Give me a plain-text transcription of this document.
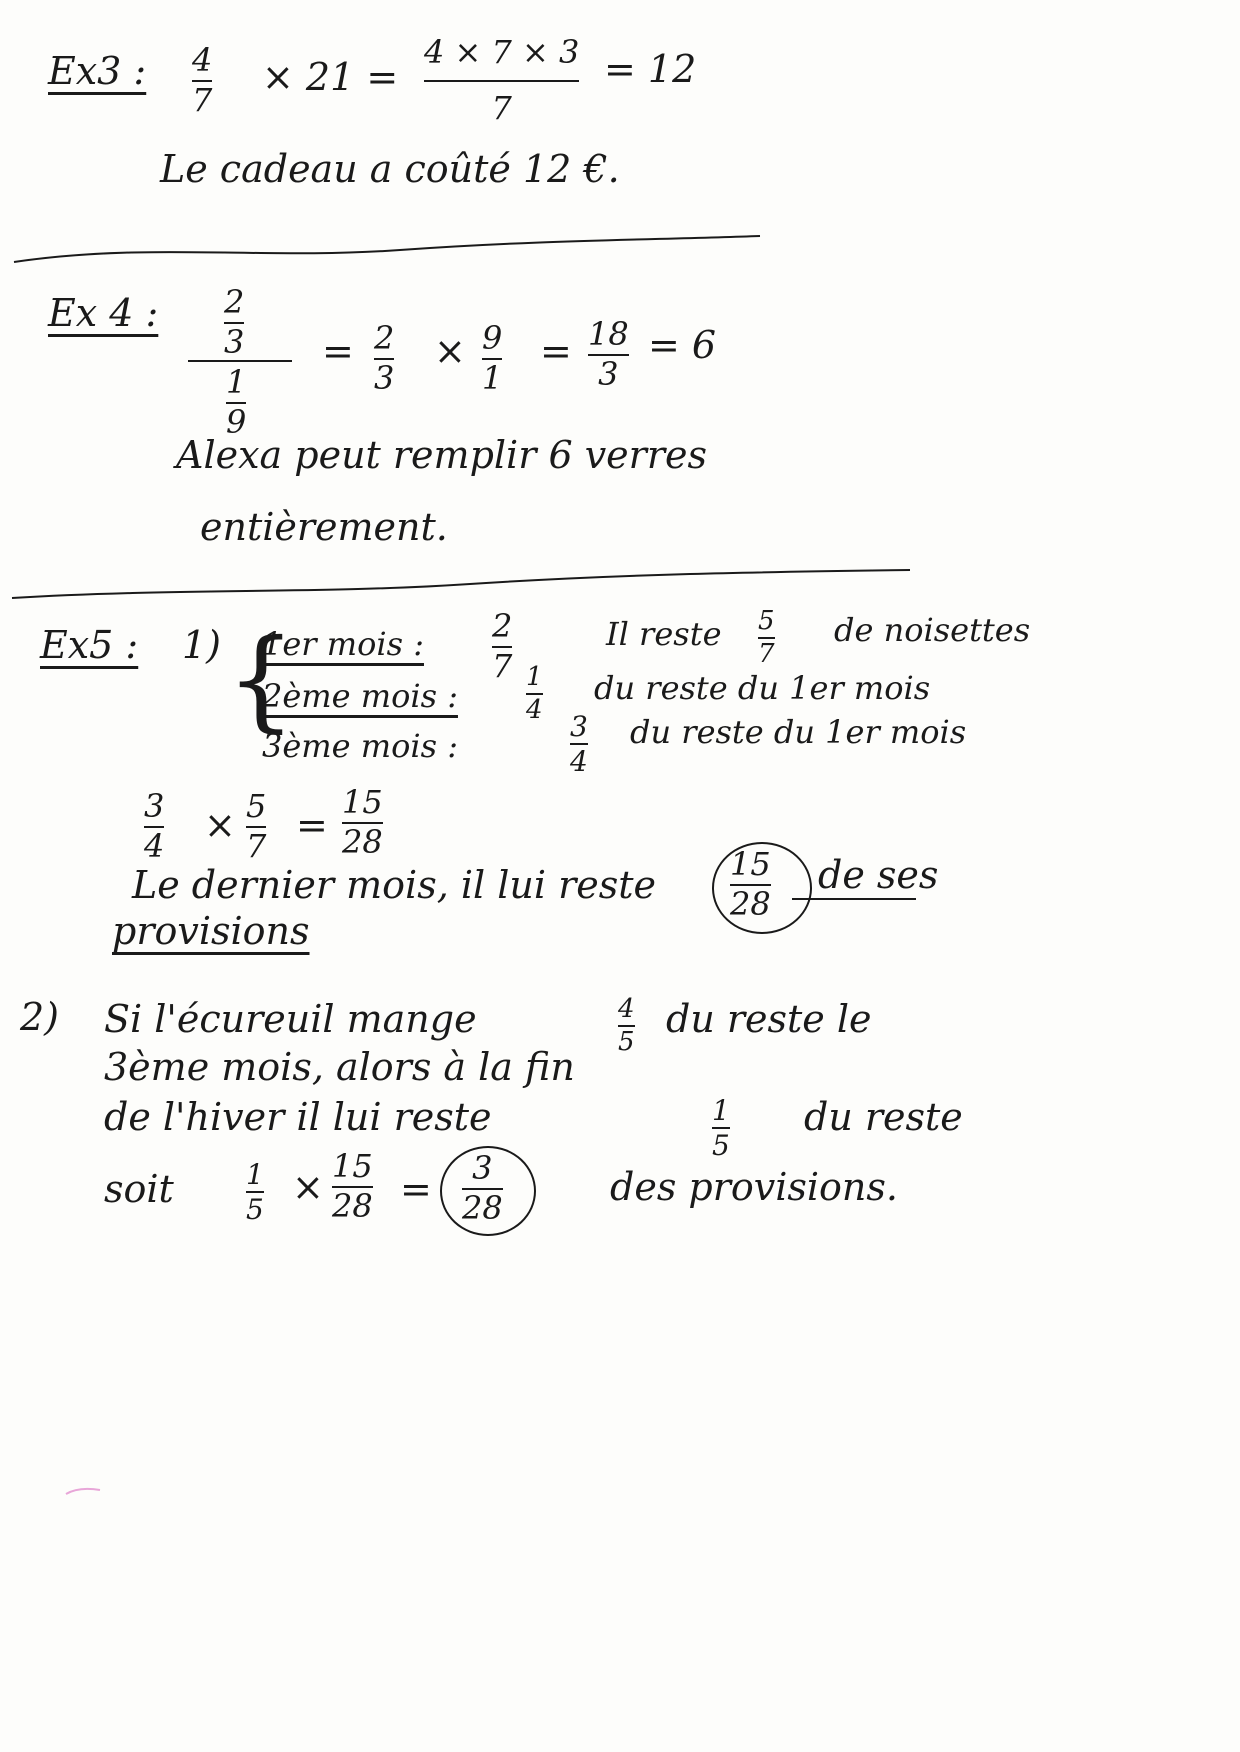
Ex3 : 4
7
× 21 =
4 × 7 × 3
7
= 12
Le cadeau a coûté 12 €.
Ex 4 : 2
3
1
9
= 2
3
× 9
1
= 18
3
= 6
Alexa peut remplir 6 verres
entièrement.
Ex5 : 1) {
1er mois : 2
7
Il reste 5
7
de noisettes
2ème mois :	1
4
du reste du 1er mois
3ème mois :
3
4
du reste du 1er mois
3
4 × 5
7 =
15
28
Le dernier mois, il lui reste 15
28
de ses
provisions
2) Si l'écureuil mange	4
5
du reste le
3ème mois, alors à la fin
de l'hiver il lui reste	1
5
du reste
soit	1
5
× 15
28 = 3
28	des provisions.
